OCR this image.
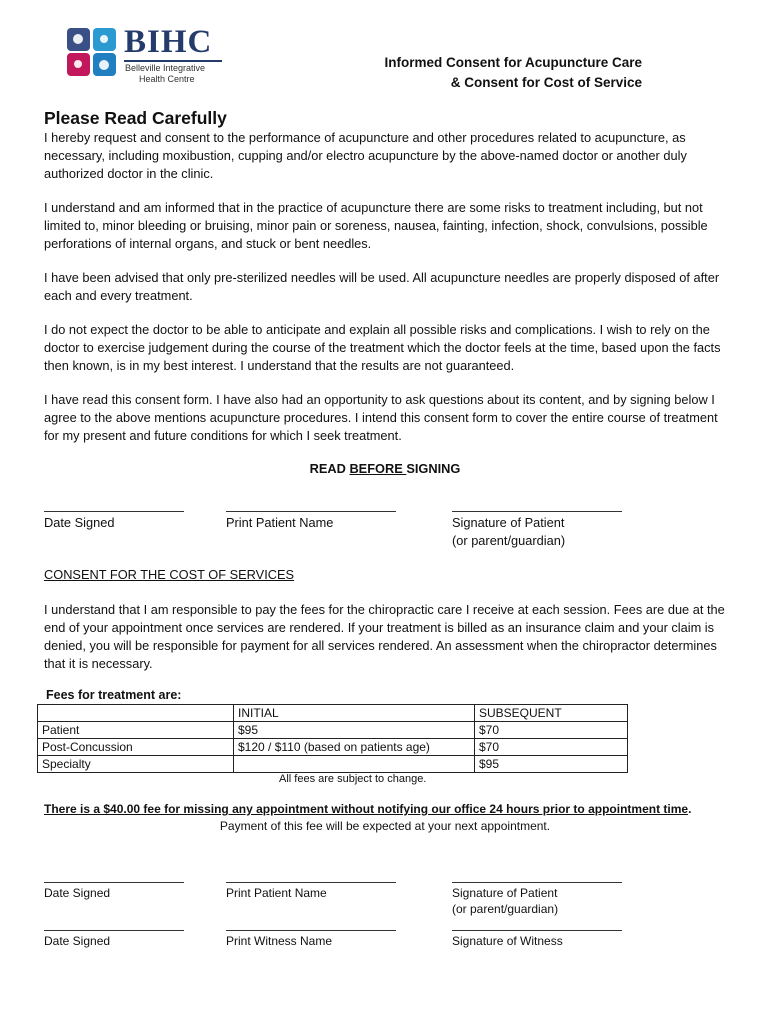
BIHC
Belleville Integrative
Health Centre
Informed Consent for Acupuncture Care
& Consent for Cost of Service
Please Read Carefully
I hereby request and consent to the performance of acupuncture and other procedures related to acupuncture, as necessary, including moxibustion, cupping and/or electro acupuncture by the above-named doctor or another duly authorized doctor in the clinic.
I understand and am informed that in the practice of acupuncture there are some risks to treatment including, but not limited to, minor bleeding or bruising, minor pain or soreness, nausea, fainting, infection, shock, convulsions, possible perforations of internal organs, and stuck or bent needles.
I have been advised that only pre-sterilized needles will be used. All acupuncture needles are properly disposed of after each and every treatment.
I do not expect the doctor to be able to anticipate and explain all possible risks and complications. I wish to rely on the doctor to exercise judgement during the course of the treatment which the doctor feels at the time, based upon the facts then known, is in my best interest. I understand that the results are not guaranteed.
I have read this consent form. I have also had an opportunity to ask questions about its content, and by signing below I agree to the above mentions acupuncture procedures. I intend this consent form to cover the entire course of treatment for my present and future conditions for which I seek treatment.
READ BEFORE SIGNING
Date Signed	Print Patient Name	Signature of Patient
(or parent/guardian)
CONSENT FOR THE COST OF SERVICES
I understand that I am responsible to pay the fees for the chiropractic care I receive at each session. Fees are due at the end of your appointment once services are rendered. If your treatment is billed as an insurance claim and your claim is denied, you will be responsible for payment for all services rendered. An assessment when the chiropractor determines that it is necessary.
Fees for treatment are:
	INITIAL	SUBSEQUENT
Patient	$95	$70
Post-Concussion	$120 / $110 (based on patients age)	$70
Specialty		$95
All fees are subject to change.
There is a $40.00 fee for missing any appointment without notifying our office 24 hours prior to appointment time.
Payment of this fee will be expected at your next appointment.
Date Signed	Print Patient Name	Signature of Patient
(or parent/guardian)
Date Signed	Print Witness Name	Signature of Witness
